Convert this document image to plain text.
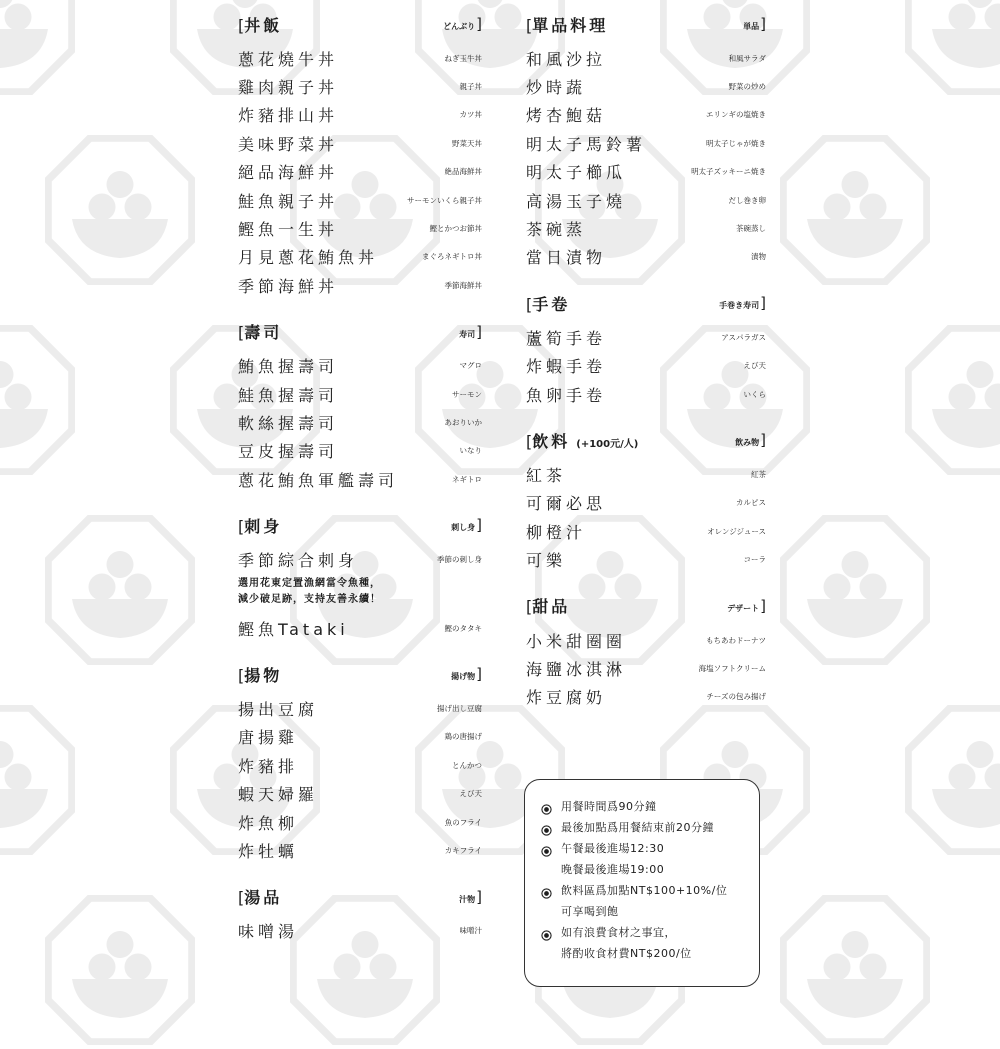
[丼飯	どんぶり]
蔥花燒牛丼	ねぎ玉牛丼
雞肉親子丼	親子丼
炸豬排山丼	カツ丼
美味野菜丼	野菜天丼
絕品海鮮丼	絶品海鮮丼
鮭魚親子丼	サーモンいくら親子丼
鰹魚一生丼	鰹とかつお節丼
月見蔥花鮪魚丼	まぐろネギトロ丼
季節海鮮丼	季節海鮮丼
[壽司	寿司]
鮪魚握壽司	マグロ
鮭魚握壽司	サーモン
軟絲握壽司	あおりいか
豆皮握壽司	いなり
蔥花鮪魚軍艦壽司	ネギトロ
[刺身	刺し身]
季節綜合刺身	季節の刺し身
選用花東定置漁網當令魚種，
減少破足跡，支持友善永續！
鰹魚Tataki	鰹のタタキ
[揚物	揚げ物]
揚出豆腐	揚げ出し豆腐
唐揚雞	鶏の唐揚げ
炸豬排	とんかつ
蝦天婦羅	えび天
炸魚柳	魚のフライ
炸牡蠣	カキフライ
[湯品	汁物]
味噌湯	味噌汁
[單品料理	単品]
和風沙拉	和風サラダ
炒時蔬	野菜の炒め
烤杏鮑菇	エリンギの塩焼き
明太子馬鈴薯	明太子じゃが焼き
明太子櫛瓜	明太子ズッキーニ焼き
高湯玉子燒	だし巻き卵
茶碗蒸	茶碗蒸し
當日漬物	漬物
[手卷	手巻き寿司]
蘆筍手卷	アスパラガス
炸蝦手卷	えび天
魚卵手卷	いくら
[飲料 (+100元/人)	飲み物]
紅茶	紅茶
可爾必思	カルピス
柳橙汁	オレンジジュース
可樂	コーラ
[甜品	デザート]
小米甜圈圈	もちあわドーナツ
海鹽冰淇淋	海塩ソフトクリーム
炸豆腐奶	チーズの包み揚げ
用餐時間爲90分鐘
最後加點爲用餐結束前20分鐘
午餐最後進場12:30
晚餐最後進場19:00
飲料區爲加點NT$100+10%/位
可享喝到飽
如有浪費食材之事宜，
將酌收食材費NT$200/位
